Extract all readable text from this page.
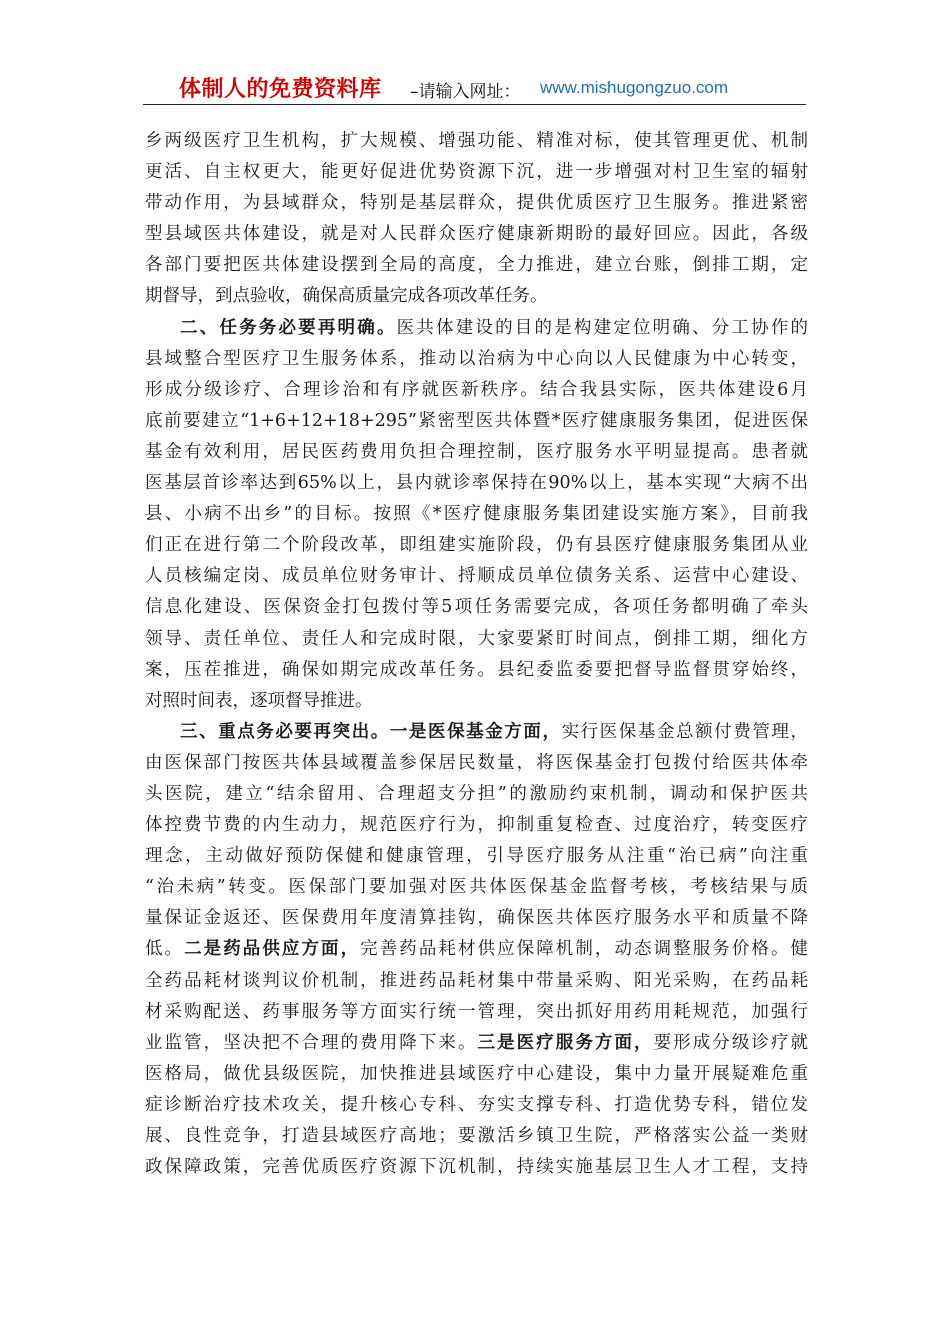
体制人的免费资料库 –请输入网址： www.mishugongzuo.com
乡两级医疗卫生机构，扩大规模、增强功能、精准对标，使其管理更优、机制
更活、自主权更大，能更好促进优势资源下沉，进一步增强对村卫生室的辐射
带动作用，为县域群众，特别是基层群众，提供优质医疗卫生服务。推进紧密
型县域医共体建设，就是对人民群众医疗健康新期盼的最好回应。因此，各级
各部门要把医共体建设摆到全局的高度，全力推进，建立台账，倒排工期，定
期督导，到点验收，确保高质量完成各项改革任务。
二、任务务必要再明确。医共体建设的目的是构建定位明确、分工协作的
县域整合型医疗卫生服务体系，推动以治病为中心向以人民健康为中心转变，
形成分级诊疗、合理诊治和有序就医新秩序。结合我县实际，医共体建设6月
底前要建立“1+6+12+18+295”紧密型医共体暨*医疗健康服务集团，促进医保
基金有效利用，居民医药费用负担合理控制，医疗服务水平明显提高。患者就
医基层首诊率达到65%以上，县内就诊率保持在90%以上，基本实现“大病不出
县、小病不出乡”的目标。按照《*医疗健康服务集团建设实施方案》，目前我
们正在进行第二个阶段改革，即组建实施阶段，仍有县医疗健康服务集团从业
人员核编定岗、成员单位财务审计、捋顺成员单位债务关系、运营中心建设、
信息化建设、医保资金打包拨付等5项任务需要完成，各项任务都明确了牵头
领导、责任单位、责任人和完成时限，大家要紧盯时间点，倒排工期，细化方
案，压茬推进，确保如期完成改革任务。县纪委监委要把督导监督贯穿始终，
对照时间表，逐项督导推进。
三、重点务必要再突出。一是医保基金方面，实行医保基金总额付费管理，
由医保部门按医共体县域覆盖参保居民数量，将医保基金打包拨付给医共体牵
头医院，建立“结余留用、合理超支分担”的激励约束机制，调动和保护医共
体控费节费的内生动力，规范医疗行为，抑制重复检查、过度治疗，转变医疗
理念，主动做好预防保健和健康管理，引导医疗服务从注重“治已病”向注重
“治未病”转变。医保部门要加强对医共体医保基金监督考核，考核结果与质
量保证金返还、医保费用年度清算挂钩，确保医共体医疗服务水平和质量不降
低。二是药品供应方面，完善药品耗材供应保障机制，动态调整服务价格。健
全药品耗材谈判议价机制，推进药品耗材集中带量采购、阳光采购，在药品耗
材采购配送、药事服务等方面实行统一管理，突出抓好用药用耗规范，加强行
业监管，坚决把不合理的费用降下来。三是医疗服务方面，要形成分级诊疗就
医格局，做优县级医院，加快推进县域医疗中心建设，集中力量开展疑难危重
症诊断治疗技术攻关，提升核心专科、夯实支撑专科、打造优势专科，错位发
展、良性竞争，打造县域医疗高地；要激活乡镇卫生院，严格落实公益一类财
政保障政策，完善优质医疗资源下沉机制，持续实施基层卫生人才工程，支持
